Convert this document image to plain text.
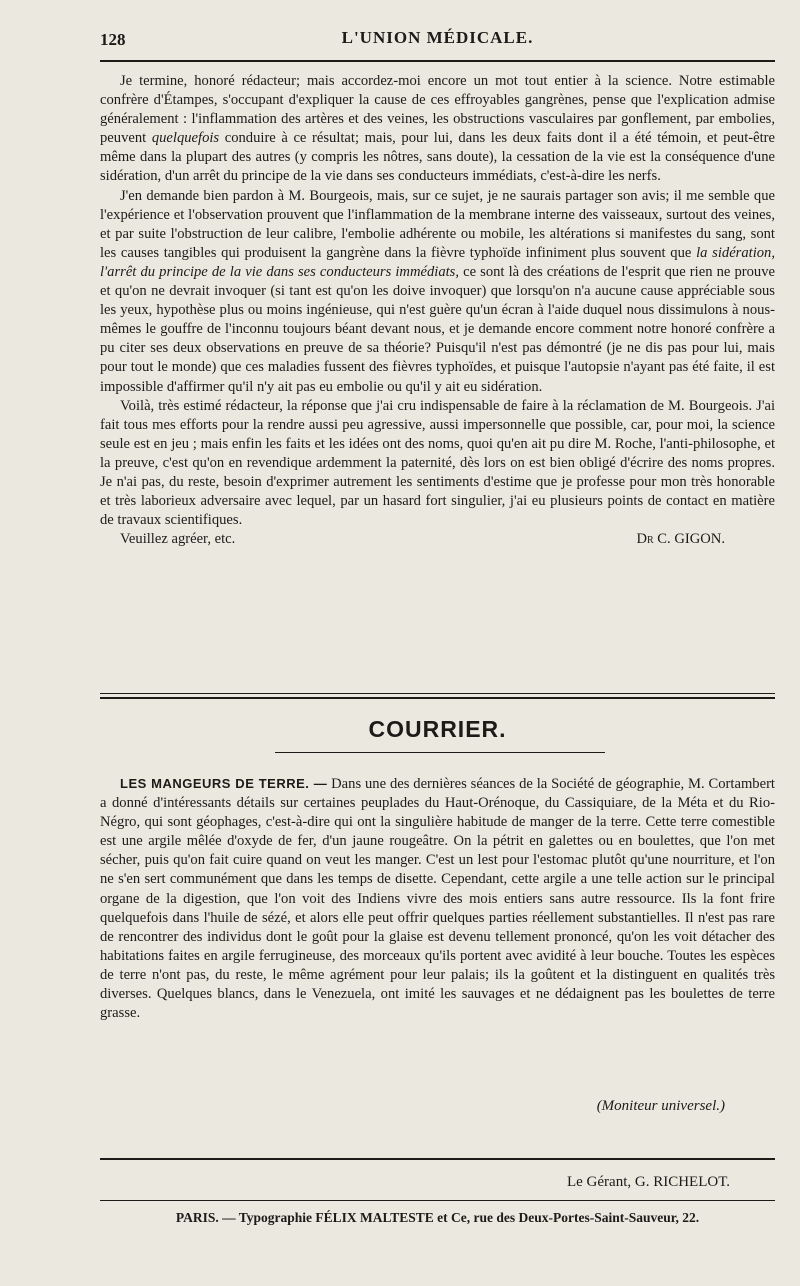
128	L'UNION MÉDICALE.

Je termine, honoré rédacteur; mais accordez-moi encore un mot tout entier à la science. Notre estimable confrère d'Étampes, s'occupant d'expliquer la cause de ces effroyables gangrènes, pense que l'explication admise généralement : l'inflammation des artères et des veines, les obstructions vasculaires par gonflement, par embolies, peuvent quelquefois conduire à ce résultat; mais, pour lui, dans les deux faits dont il a été témoin, et peut-être même dans la plupart des autres (y compris les nôtres, sans doute), la cessation de la vie est la conséquence d'une sidération, d'un arrêt du principe de la vie dans ses conducteurs immédiats, c'est-à-dire les nerfs.

J'en demande bien pardon à M. Bourgeois, mais, sur ce sujet, je ne saurais partager son avis; il me semble que l'expérience et l'observation prouvent que l'inflammation de la membrane interne des vaisseaux, surtout des veines, et par suite l'obstruction de leur calibre, l'embolie adhérente ou mobile, les altérations si manifestes du sang, sont les causes tangibles qui produisent la gangrène dans la fièvre typhoïde infiniment plus souvent que la sidération, l'arrêt du principe de la vie dans ses conducteurs immédiats, ce sont là des créations de l'esprit que rien ne prouve et qu'on ne devrait invoquer (si tant est qu'on les doive invoquer) que lorsqu'on n'a aucune cause appréciable sous les yeux, hypothèse plus ou moins ingénieuse, qui n'est guère qu'un écran à l'aide duquel nous dissimulons à nous-mêmes le gouffre de l'inconnu toujours béant devant nous, et je demande encore comment notre honoré confrère a pu citer ses deux observations en preuve de sa théorie? Puisqu'il n'est pas démontré (je ne dis pas pour lui, mais pour tout le monde) que ces maladies fussent des fièvres typhoïdes, et puisque l'autopsie n'ayant pas été faite, il est impossible d'affirmer qu'il n'y ait pas eu embolie ou qu'il y ait eu sidération.

Voilà, très estimé rédacteur, la réponse que j'ai cru indispensable de faire à la réclamation de M. Bourgeois. J'ai fait tous mes efforts pour la rendre aussi peu agressive, aussi impersonnelle que possible, car, pour moi, la science seule est en jeu ; mais enfin les faits et les idées ont des noms, quoi qu'en ait pu dire M. Roche, l'anti-philosophe, et la preuve, c'est qu'on en revendique ardemment la paternité, dès lors on est bien obligé d'écrire des noms propres. Je n'ai pas, du reste, besoin d'exprimer autrement les sentiments d'estime que je professe pour mon très honorable et très laborieux adversaire avec lequel, par un hasard fort singulier, j'ai eu plusieurs points de contact en matière de travaux scientifiques.

Veuillez agréer, etc.	Dr C. GIGON.
COURRIER.

LES MANGEURS DE TERRE. — Dans une des dernières séances de la Société de géographie, M. Cortambert a donné d'intéressants détails sur certaines peuplades du Haut-Orénoque, du Cassiquiare, de la Méta et du Rio-Négro, qui sont géophages, c'est-à-dire qui ont la singulière habitude de manger de la terre. Cette terre comestible est une argile mêlée d'oxyde de fer, d'un jaune rougeâtre. On la pétrit en galettes ou en boulettes, que l'on met sécher, puis qu'on fait cuire quand on veut les manger. C'est un lest pour l'estomac plutôt qu'une nourriture, et l'on ne s'en sert communément que dans les temps de disette. Cependant, cette argile a une telle action sur le principal organe de la digestion, que l'on voit des Indiens vivre des mois entiers sans autre ressource. Ils la font frire quelquefois dans l'huile de sézé, et alors elle peut offrir quelques parties réellement substantielles. Il n'est pas rare de rencontrer des individus dont le goût pour la glaise est devenu tellement prononcé, qu'on les voit détacher des habitations faites en argile ferrugineuse, des morceaux qu'ils portent avec avidité à leur bouche. Toutes les espèces de terre n'ont pas, du reste, le même agrément pour leur palais; ils la goûtent et la distinguent en qualités très diverses. Quelques blancs, dans le Venezuela, ont imité les sauvages et ne dédaignent pas les boulettes de terre grasse.

(Moniteur universel.)
Le Gérant, G. RICHELOT.
PARIS. — Typographie FÉLIX MALTESTE et Ce, rue des Deux-Portes-Saint-Sauveur, 22.
